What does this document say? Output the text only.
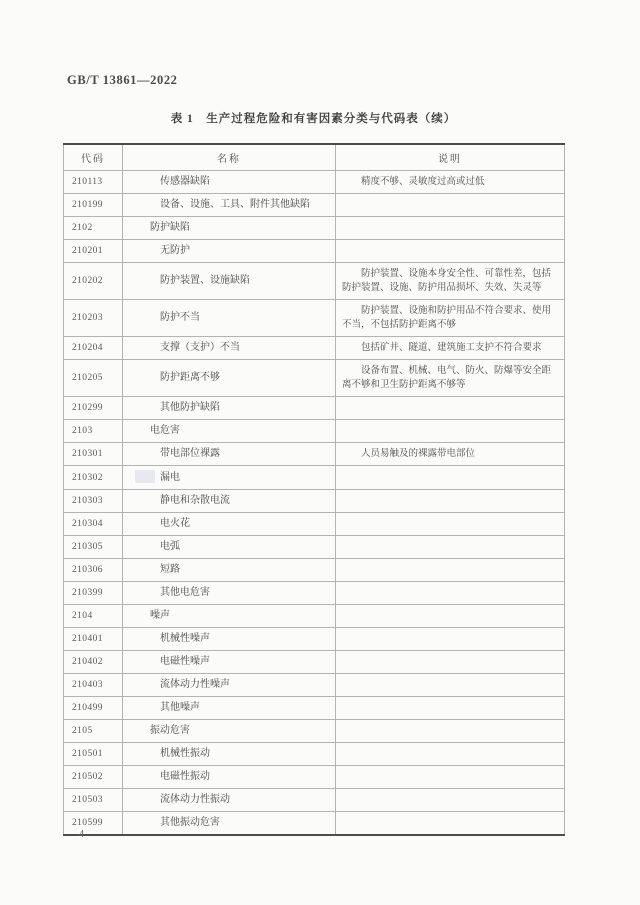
GB/T 13861—2022
表 1　生产过程危险和有害因素分类与代码表（续）
代码	名称	说明
210113	传感器缺陷	精度不够、灵敏度过高或过低
210199	设备、设施、工具、附件其他缺陷	
2102	防护缺陷	
210201	无防护	
210202	防护装置、设施缺陷	防护装置、设施本身安全性、可靠性差，包括防护装置、设施、防护用品损坏、失效、失灵等
210203	防护不当	防护装置、设施和防护用品不符合要求、使用不当，不包括防护距离不够
210204	支撑（支护）不当	包括矿井、隧道、建筑施工支护不符合要求
210205	防护距离不够	设备布置、机械、电气、防火、防爆等安全距离不够和卫生防护距离不够等
210299	其他防护缺陷	
2103	电危害	
210301	带电部位裸露	人员易触及的裸露带电部位
210302	漏电	
210303	静电和杂散电流	
210304	电火花	
210305	电弧	
210306	短路	
210399	其他电危害	
2104	噪声	
210401	机械性噪声	
210402	电磁性噪声	
210403	流体动力性噪声	
210499	其他噪声	
2105	振动危害	
210501	机械性振动	
210502	电磁性振动	
210503	流体动力性振动	
210599	其他振动危害	
4
